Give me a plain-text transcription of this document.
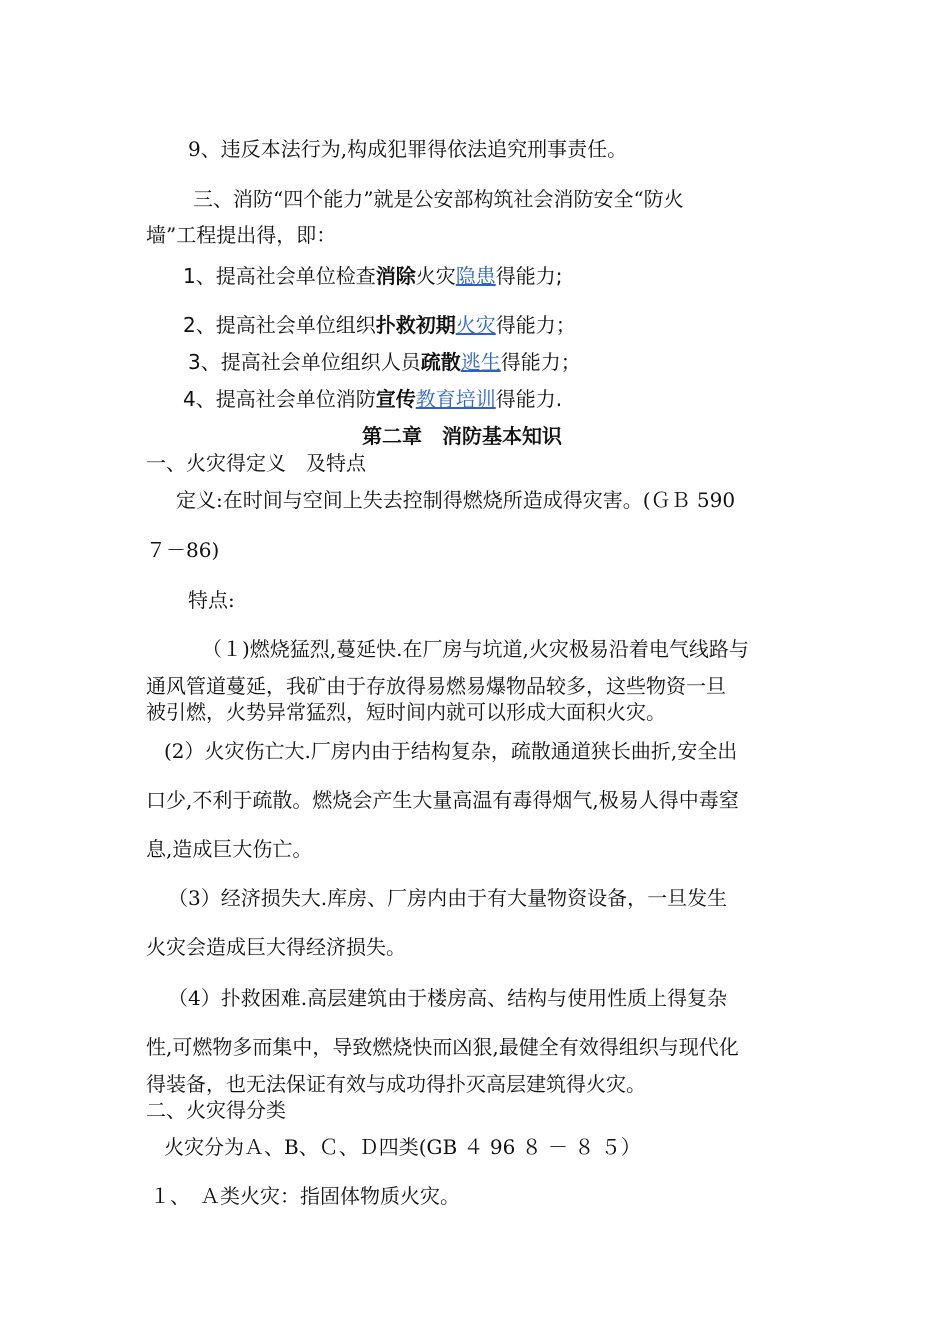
9、违反本法行为,构成犯罪得依法追究刑事责任。
三、消防“四个能力”就是公安部构筑社会消防安全“防火
墙”工程提出得，即：
1、提高社会单位检查消除火灾隐患得能力;
2、提高社会单位组织扑救初期火灾得能力；
3、提高社会单位组织人员疏散逃生得能力；
4、提高社会单位消防宣传教育培训得能力.
第二章　消防基本知识
一、火灾得定义　及特点
定义:在时间与空间上失去控制得燃烧所造成得灾害。(ＧＢ 590
７－86)
特点:
（１)燃烧猛烈,蔓延快.在厂房与坑道,火灾极易沿着电气线路与
通风管道蔓延，我矿由于存放得易燃易爆物品较多，这些物资一旦
被引燃，火势异常猛烈，短时间内就可以形成大面积火灾。
(2）火灾伤亡大.厂房内由于结构复杂，疏散通道狭长曲折,安全出
口少,不利于疏散。燃烧会产生大量高温有毒得烟气,极易人得中毒窒
息,造成巨大伤亡。
（3）经济损失大.库房、厂房内由于有大量物资设备，一旦发生
火灾会造成巨大得经济损失。
（4）扑救困难.高层建筑由于楼房高、结构与使用性质上得复杂
性,可燃物多而集中，导致燃烧快而凶狠,最健全有效得组织与现代化
得装备，也无法保证有效与成功得扑灭高层建筑得火灾。
二、火灾得分类
火灾分为Ａ、B、Ｃ、Ｄ四类(GB ４ 96 ８ － ８ ５）
１、　Ａ类火灾：指固体物质火灾。
